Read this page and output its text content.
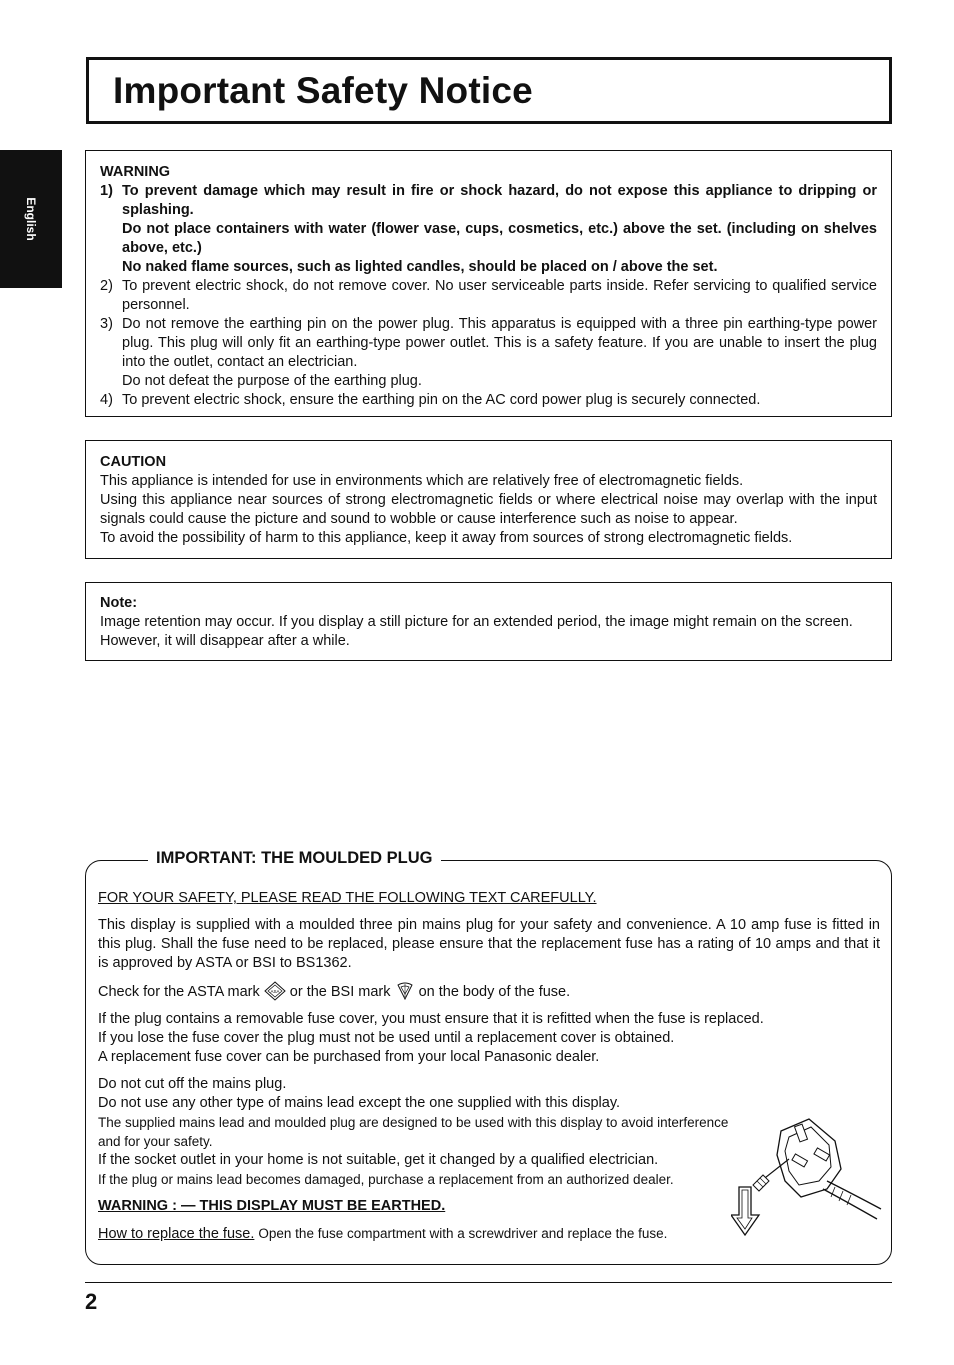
English
Important Safety Notice
WARNING
1) To prevent damage which may result in fire or shock hazard, do not expose this appliance to dripping or splashing.
Do not place containers with water (flower vase, cups, cosmetics, etc.) above the set. (including on shelves above, etc.)
No naked flame sources, such as lighted candles, should be placed on / above the set.
2) To prevent electric shock, do not remove cover. No user serviceable parts inside. Refer servicing to qualified service personnel.
3) Do not remove the earthing pin on the power plug. This apparatus is equipped with a three pin earthing-type power plug. This plug will only fit an earthing-type power outlet. This is a safety feature. If you are unable to insert the plug into the outlet, contact an electrician.
Do not defeat the purpose of the earthing plug.
4) To prevent electric shock, ensure the earthing pin on the AC cord power plug is securely connected.
CAUTION
This appliance is intended for use in environments which are relatively free of electromagnetic fields.
Using this appliance near sources of strong electromagnetic fields or where electrical noise may overlap with the input signals could cause the picture and sound to wobble or cause interference such as noise to appear.
To avoid the possibility of harm to this appliance, keep it away from sources of strong electromagnetic fields.
Note:
Image retention may occur. If you display a still picture for an extended period, the image might remain on the screen.
However, it will disappear after a while.
IMPORTANT: THE MOULDED PLUG

FOR YOUR SAFETY, PLEASE READ THE FOLLOWING TEXT CAREFULLY.

This display is supplied with a moulded three pin mains plug for your safety and convenience. A 10 amp fuse is fitted in this plug. Shall the fuse need to be replaced, please ensure that the replacement fuse has a rating of 10 amps and that it is approved by ASTA or BSI to BS1362.

Check for the ASTA mark ASA or the BSI mark on the body of the fuse.

If the plug contains a removable fuse cover, you must ensure that it is refitted when the fuse is replaced.
If you lose the fuse cover the plug must not be used until a replacement cover is obtained.
A replacement fuse cover can be purchased from your local Panasonic dealer.

Do not cut off the mains plug.
Do not use any other type of mains lead except the one supplied with this display.
The supplied mains lead and moulded plug are designed to be used with this display to avoid interference and for your safety.
If the socket outlet in your home is not suitable, get it changed by a qualified electrician.
If the plug or mains lead becomes damaged, purchase a replacement from an authorized dealer.

WARNING : — THIS DISPLAY MUST BE EARTHED.

How to replace the fuse. Open the fuse compartment with a screwdriver and replace the fuse.

2
